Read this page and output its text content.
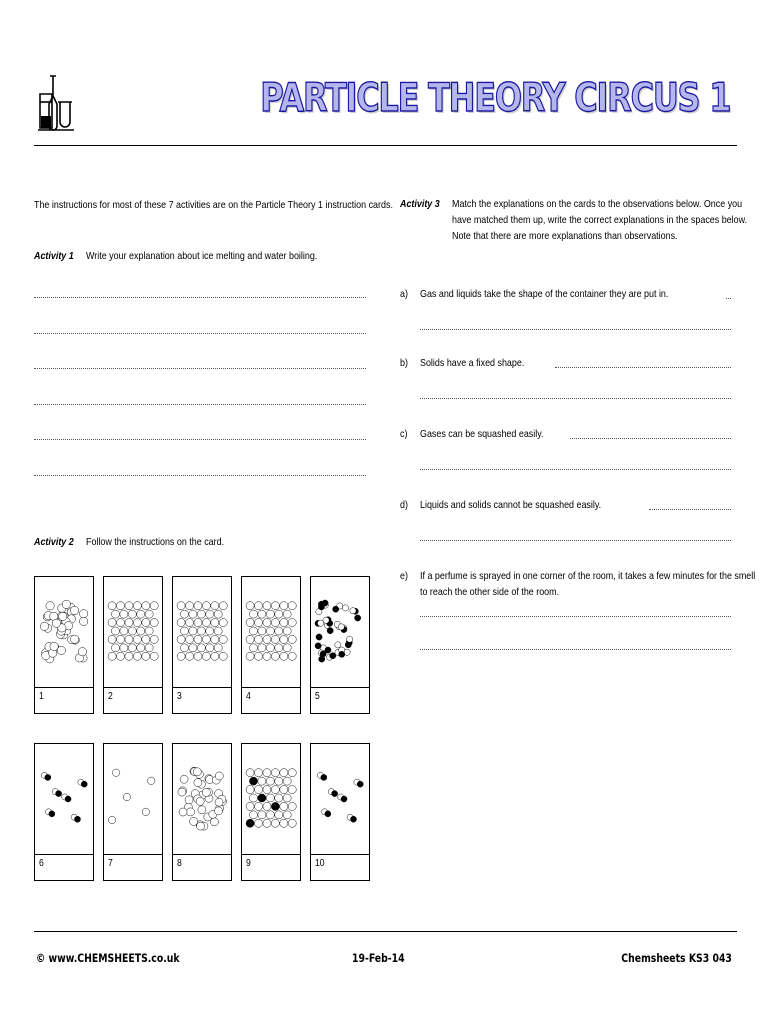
PARTICLE THEORY CIRCUS 1
The instructions for most of these 7 activities are on the Particle Theory 1 instruction cards.
Activity 1 Write your explanation about ice melting and water boiling.
Activity 2 Follow the instructions on the card.
1	2	3	4	5
6	7	8	9	10
Activity 3 Match the explanations on the cards to the observations below. Once you
have matched them up, write the correct explanations in the spaces below.
Note that there are more explanations than observations.
a) Gas and liquids take the shape of the container they are put in.
b) Solids have a fixed shape.
c) Gases can be squashed easily.
d) Liquids and solids cannot be squashed easily.
e) If a perfume is sprayed in one corner of the room, it takes a few minutes for the smell
to reach the other side of the room.
© www.CHEMSHEETS.co.uk	19-Feb-14	Chemsheets KS3 043
